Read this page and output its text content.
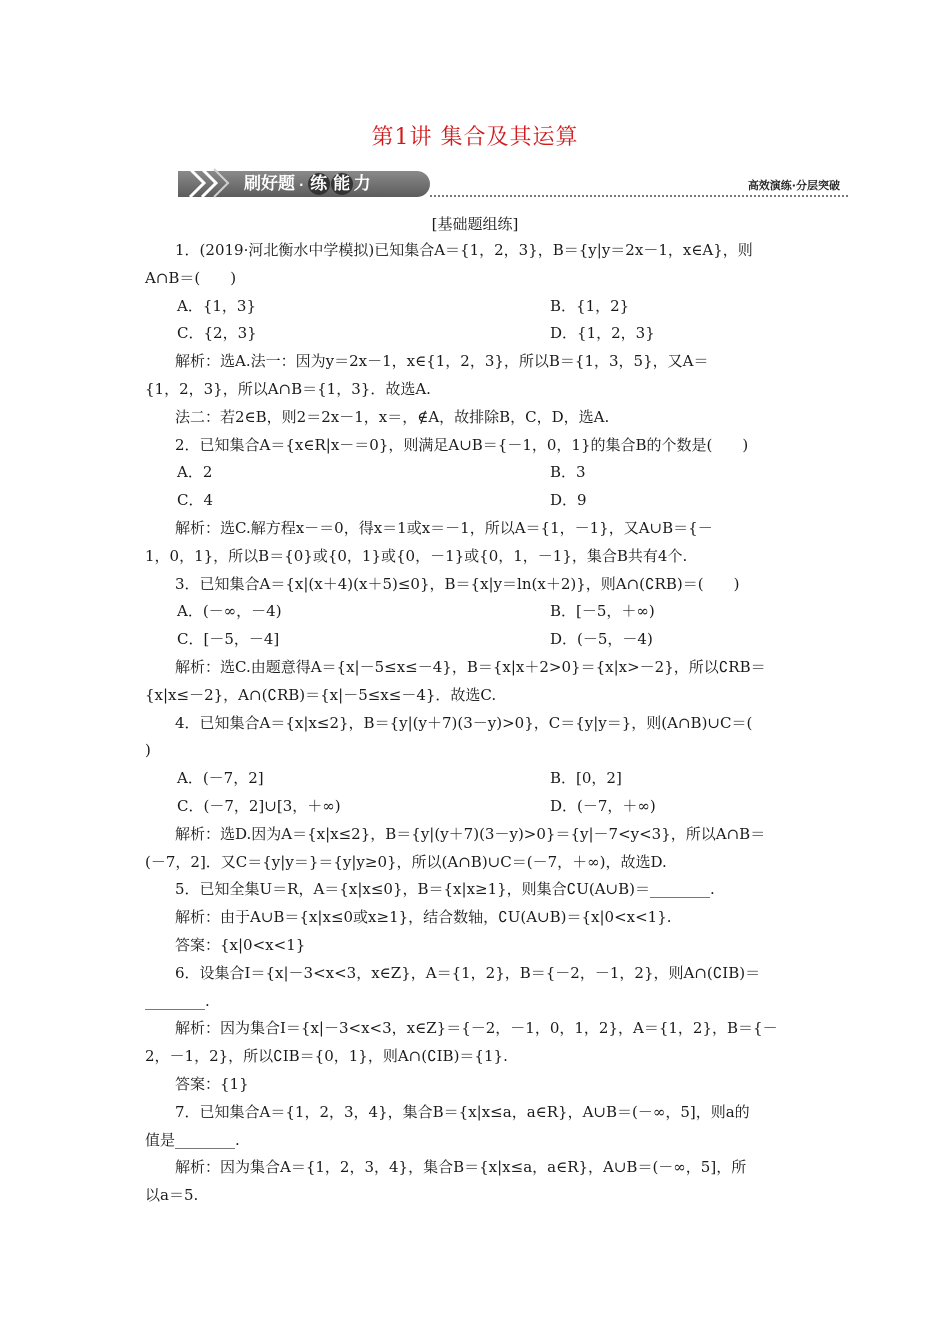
第1讲 集合及其运算
刷好题 · 练 能 力	高效演练·分层突破
[基础题组练]
1．(2019·河北衡水中学模拟)已知集合A＝{1，2，3}，B＝{y|y＝2x－1，x∈A}，则
A∩B＝(　　)
A．{1，3}	B．{1，2}
C．{2，3}	D．{1，2，3}
解析：选A.法一：因为y＝2x－1，x∈{1，2，3}，所以B＝{1，3，5}，又A＝
{1，2，3}，所以A∩B＝{1，3}．故选A.
法二：若2∈B，则2＝2x－1，x＝，∉A，故排除B，C，D，选A.
2．已知集合A＝{x∈R|x－＝0}，则满足A∪B＝{－1，0，1}的集合B的个数是(　　)
A．2	B．3
C．4	D．9
解析：选C.解方程x－＝0，得x＝1或x＝－1，所以A＝{1，－1}，又A∪B＝{－
1，0，1}，所以B＝{0}或{0，1}或{0，－1}或{0，1，－1}，集合B共有4个.
3．已知集合A＝{x|(x＋4)(x＋5)≤0}，B＝{x|y＝ln(x＋2)}，则A∩(∁RB)＝(　　)
A．(－∞，－4)	B．[－5，＋∞)
C．[－5，－4]	D．(－5，－4)
解析：选C.由题意得A＝{x|－5≤x≤－4}，B＝{x|x＋2>0}＝{x|x>－2}，所以∁RB＝
{x|x≤－2}，A∩(∁RB)＝{x|－5≤x≤－4}．故选C.
4．已知集合A＝{x|x≤2}，B＝{y|(y＋7)(3－y)>0}，C＝{y|y＝}，则(A∩B)∪C＝(
)
A．(－7，2]	B．[0，2]
C．(－7，2]∪[3，＋∞)	D．(－7，＋∞)
解析：选D.因为A＝{x|x≤2}，B＝{y|(y＋7)(3－y)>0}＝{y|－7<y<3}，所以A∩B＝
(－7，2]．又C＝{y|y＝}＝{y|y≥0}，所以(A∩B)∪C＝(－7，＋∞)，故选D.
5．已知全集U＝R，A＝{x|x≤0}，B＝{x|x≥1}，则集合∁U(A∪B)＝________.
解析：由于A∪B＝{x|x≤0或x≥1}，结合数轴，∁U(A∪B)＝{x|0<x<1}.
答案：{x|0<x<1}
6．设集合I＝{x|－3<x<3，x∈Z}，A＝{1，2}，B＝{－2，－1，2}，则A∩(∁IB)＝
________.
解析：因为集合I＝{x|－3<x<3，x∈Z}＝{－2，－1，0，1，2}，A＝{1，2}，B＝{－
2，－1，2}，所以∁IB＝{0，1}，则A∩(∁IB)＝{1}.
答案：{1}
7．已知集合A＝{1，2，3，4}，集合B＝{x|x≤a，a∈R}，A∪B＝(－∞，5]，则a的
值是________.
解析：因为集合A＝{1，2，3，4}，集合B＝{x|x≤a，a∈R}，A∪B＝(－∞，5]，所
以a＝5.
